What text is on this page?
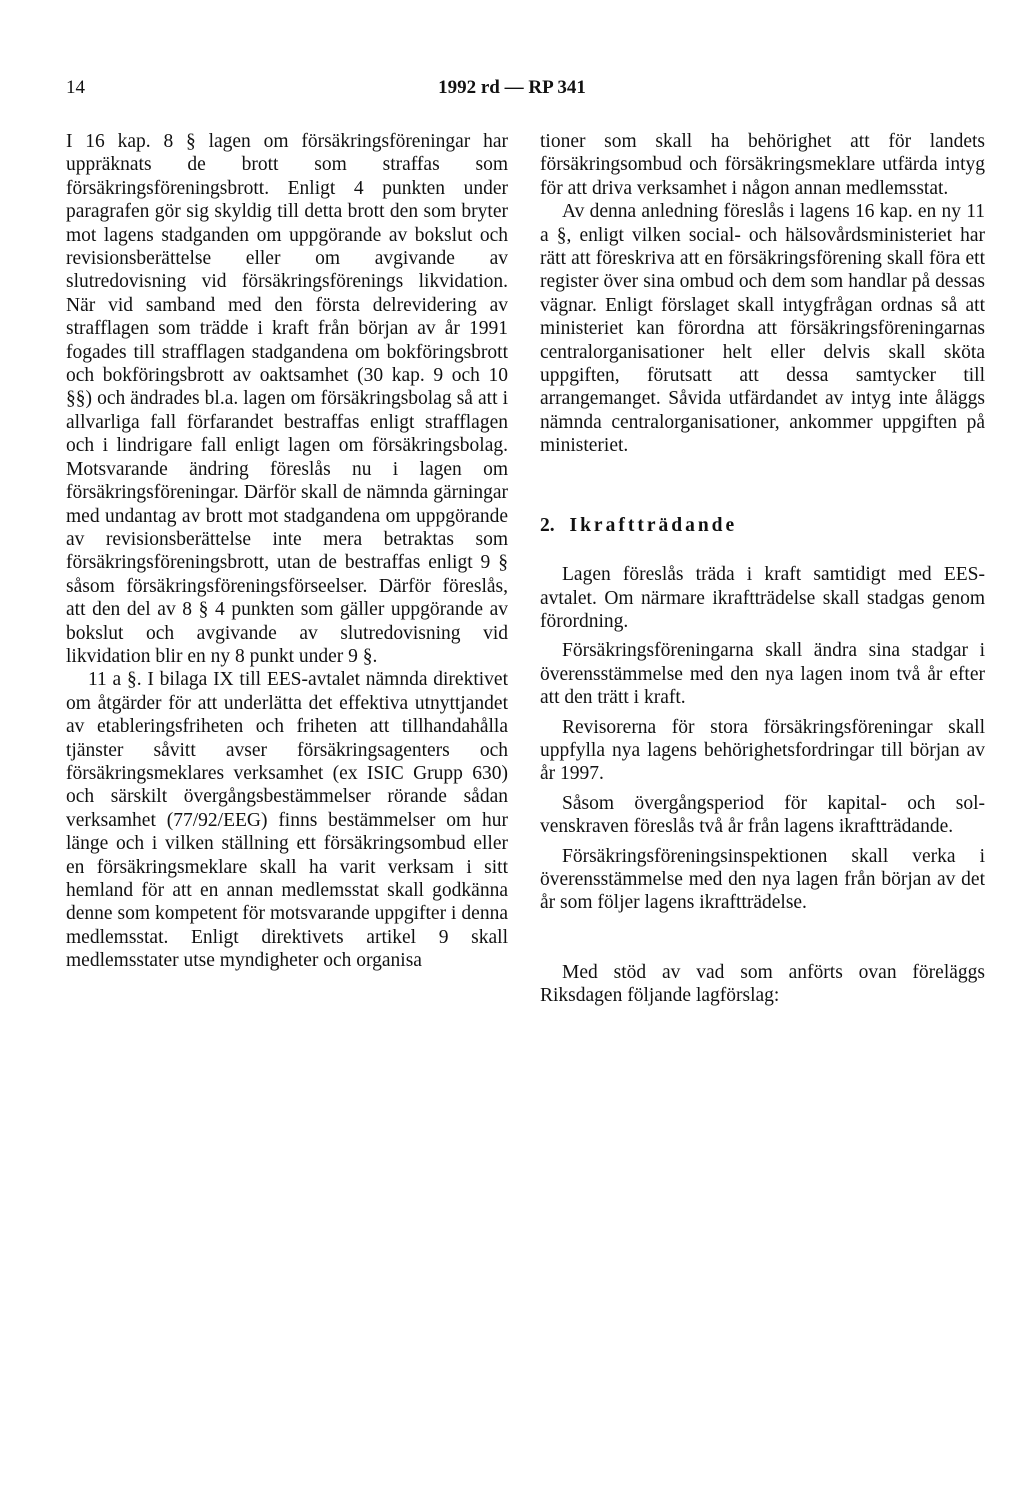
14	1992 rd — RP 341

I 16 kap. 8 § lagen om försäkringsföreningar har uppräknats de brott som straffas som försäkringsföreningsbrott. Enligt 4 punkten under paragrafen gör sig skyldig till detta brott den som bryter mot lagens stadganden om uppgörande av bokslut och revisionsberättelse eller om avgivande av slutredovisning vid försäkringsförenings likvidation. När vid samband med den första delrevidering av strafflagen som trädde i kraft från början av år 1991 fogades till strafflagen stadgandena om bokföringsbrott och bokföringsbrott av oaktsamhet (30 kap. 9 och 10 §§) och ändrades bl.a. lagen om försäkringsbolag så att i allvarliga fall förfarandet bestraffas enligt strafflagen och i lindrigare fall enligt lagen om försäkringsbolag. Motsvarande ändring föreslås nu i lagen om försäkringsföreningar. Därför skall de nämnda gärningar med undantag av brott mot stadgandena om uppgörande av revisionsberättelse inte mera betraktas som försäkringsföreningsbrott, utan de bestraffas enligt 9 § såsom försäkringsföreningsförseelser. Därför föreslås, att den del av 8 § 4 punkten som gäller uppgörande av bokslut och avgivande av slutredovisning vid likvidation blir en ny 8 punkt under 9 §.

11 a §. I bilaga IX till EES-avtalet nämnda direktivet om åtgärder för att underlätta det effektiva utnyttjandet av etableringsfriheten och friheten att tillhandahålla tjänster såvitt avser försäkringsagenters och försäkringsmeklares verksamhet (ex ISIC Grupp 630) och särskilt övergångsbestämmelser rörande sådan verksamhet (77/92/EEG) finns bestämmelser om hur länge och i vilken ställning ett försäkringsombud eller en försäkringsmeklare skall ha varit verksam i sitt hemland för att en annan medlemsstat skall godkänna denne som kompetent för motsvarande uppgifter i denna medlemsstat. Enligt direktivets artikel 9 skall medlemsstater utse myndigheter och organisa

tioner som skall ha behörighet att för landets försäkringsombud och försäkringsmeklare utfärda intyg för att driva verksamhet i någon annan medlemsstat.

Av denna anledning föreslås i lagens 16 kap. en ny 11 a §, enligt vilken social- och hälsovårdsministeriet har rätt att föreskriva att en försäkringsförening skall föra ett register över sina ombud och dem som handlar på dessas vägnar. Enligt förslaget skall intygfrågan ordnas så att ministeriet kan förordna att försäkringsföreningarnas centralorganisationer helt eller delvis skall sköta uppgiften, förutsatt att dessa samtycker till arrangemanget. Såvida utfärdandet av intyg inte åläggs nämnda centralorganisationer, ankommer uppgiften på ministeriet.

2. Ikraftträdande

Lagen föreslås träda i kraft samtidigt med EES-avtalet. Om närmare ikraftträdelse skall stadgas genom förordning.

Försäkringsföreningarna skall ändra sina stadgar i överensstämmelse med den nya lagen inom två år efter att den trätt i kraft.

Revisorerna för stora försäkringsföreningar skall uppfylla nya lagens behörighetsfordringar till början av år 1997.

Såsom övergångsperiod för kapital- och solvenskraven föreslås två år från lagens ikraftträdande.

Försäkringsföreningsinspektionen skall verka i överensstämmelse med den nya lagen från början av det år som följer lagens ikraftträdelse.

Med stöd av vad som anförts ovan föreläggs Riksdagen följande lagförslag:
